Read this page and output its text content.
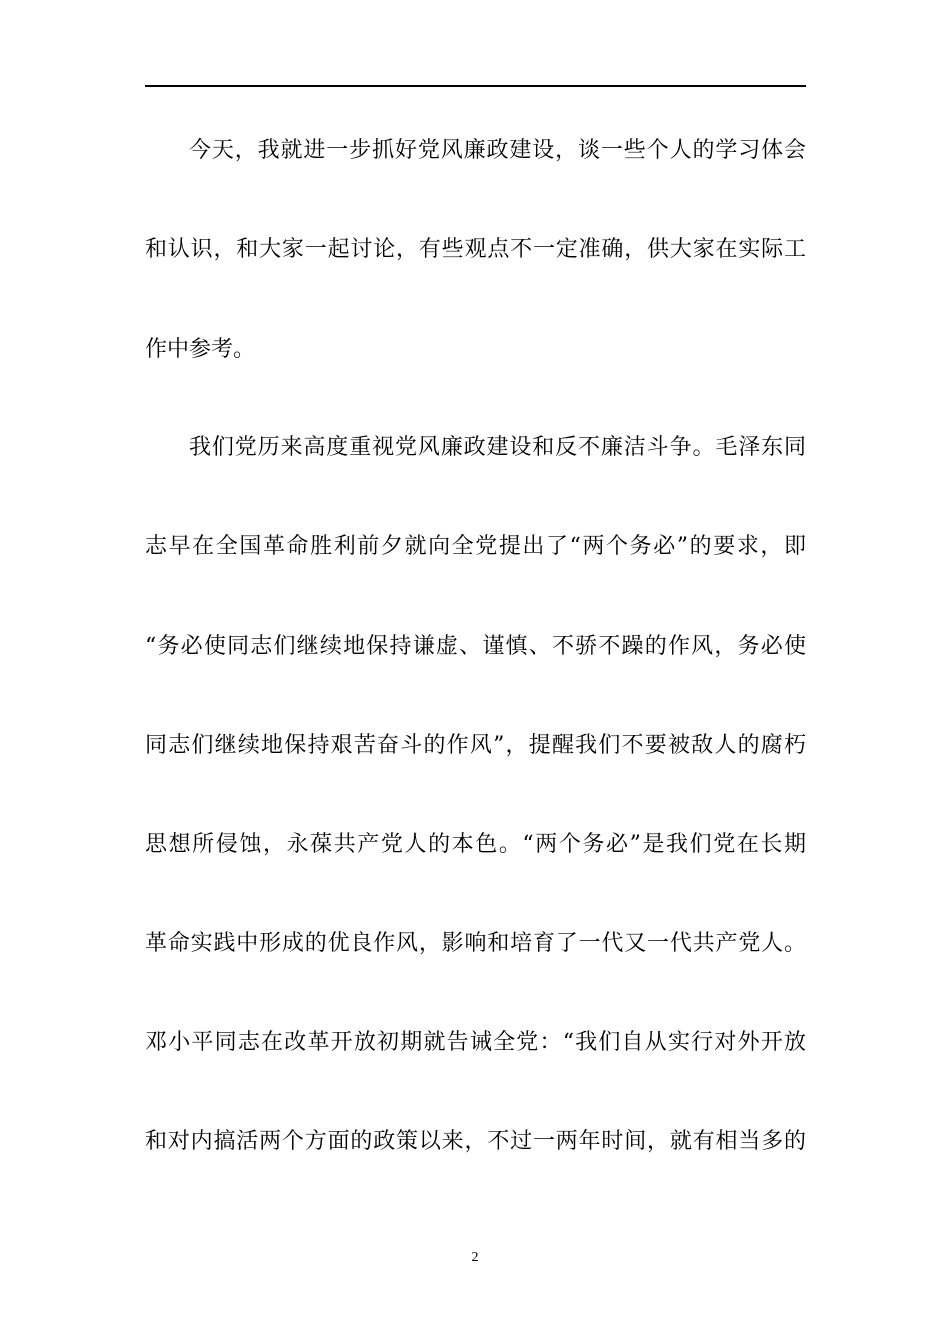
今天，我就进一步抓好党风廉政建设，谈一些个人的学习体会
和认识，和大家一起讨论，有些观点不一定准确，供大家在实际工
作中参考。
我们党历来高度重视党风廉政建设和反不廉洁斗争。毛泽东同
志早在全国革命胜利前夕就向全党提出了“两个务必”的要求，即
“务必使同志们继续地保持谦虚、谨慎、不骄不躁的作风，务必使
同志们继续地保持艰苦奋斗的作风”，提醒我们不要被敌人的腐朽
思想所侵蚀，永葆共产党人的本色。“两个务必”是我们党在长期
革命实践中形成的优良作风，影响和培育了一代又一代共产党人。
邓小平同志在改革开放初期就告诫全党：“我们自从实行对外开放
和对内搞活两个方面的政策以来，不过一两年时间，就有相当多的
2
